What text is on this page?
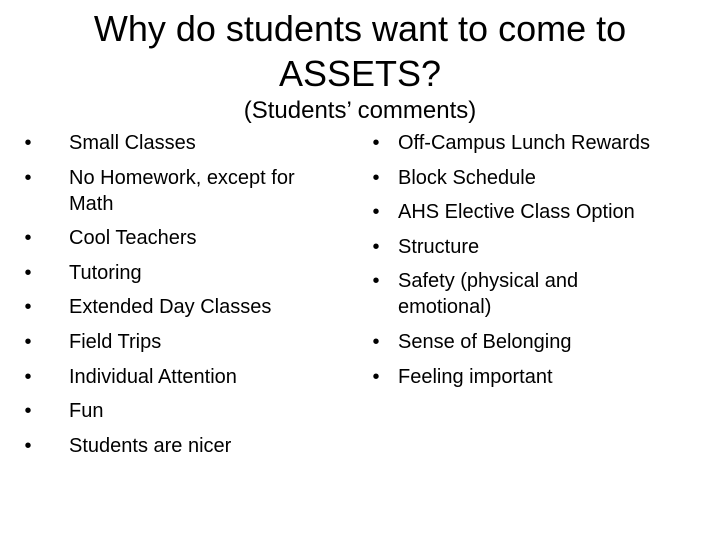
Why do students want to come to ASSETS?
(Students’ comments)
• Small Classes
• No Homework, except for Math
• Cool Teachers
• Tutoring
• Extended Day Classes
• Field Trips
• Individual Attention
• Fun
• Students are nicer
• Off-Campus Lunch Rewards
• Block Schedule
• AHS Elective Class Option
• Structure
• Safety (physical and emotional)
• Sense of Belonging
• Feeling important
